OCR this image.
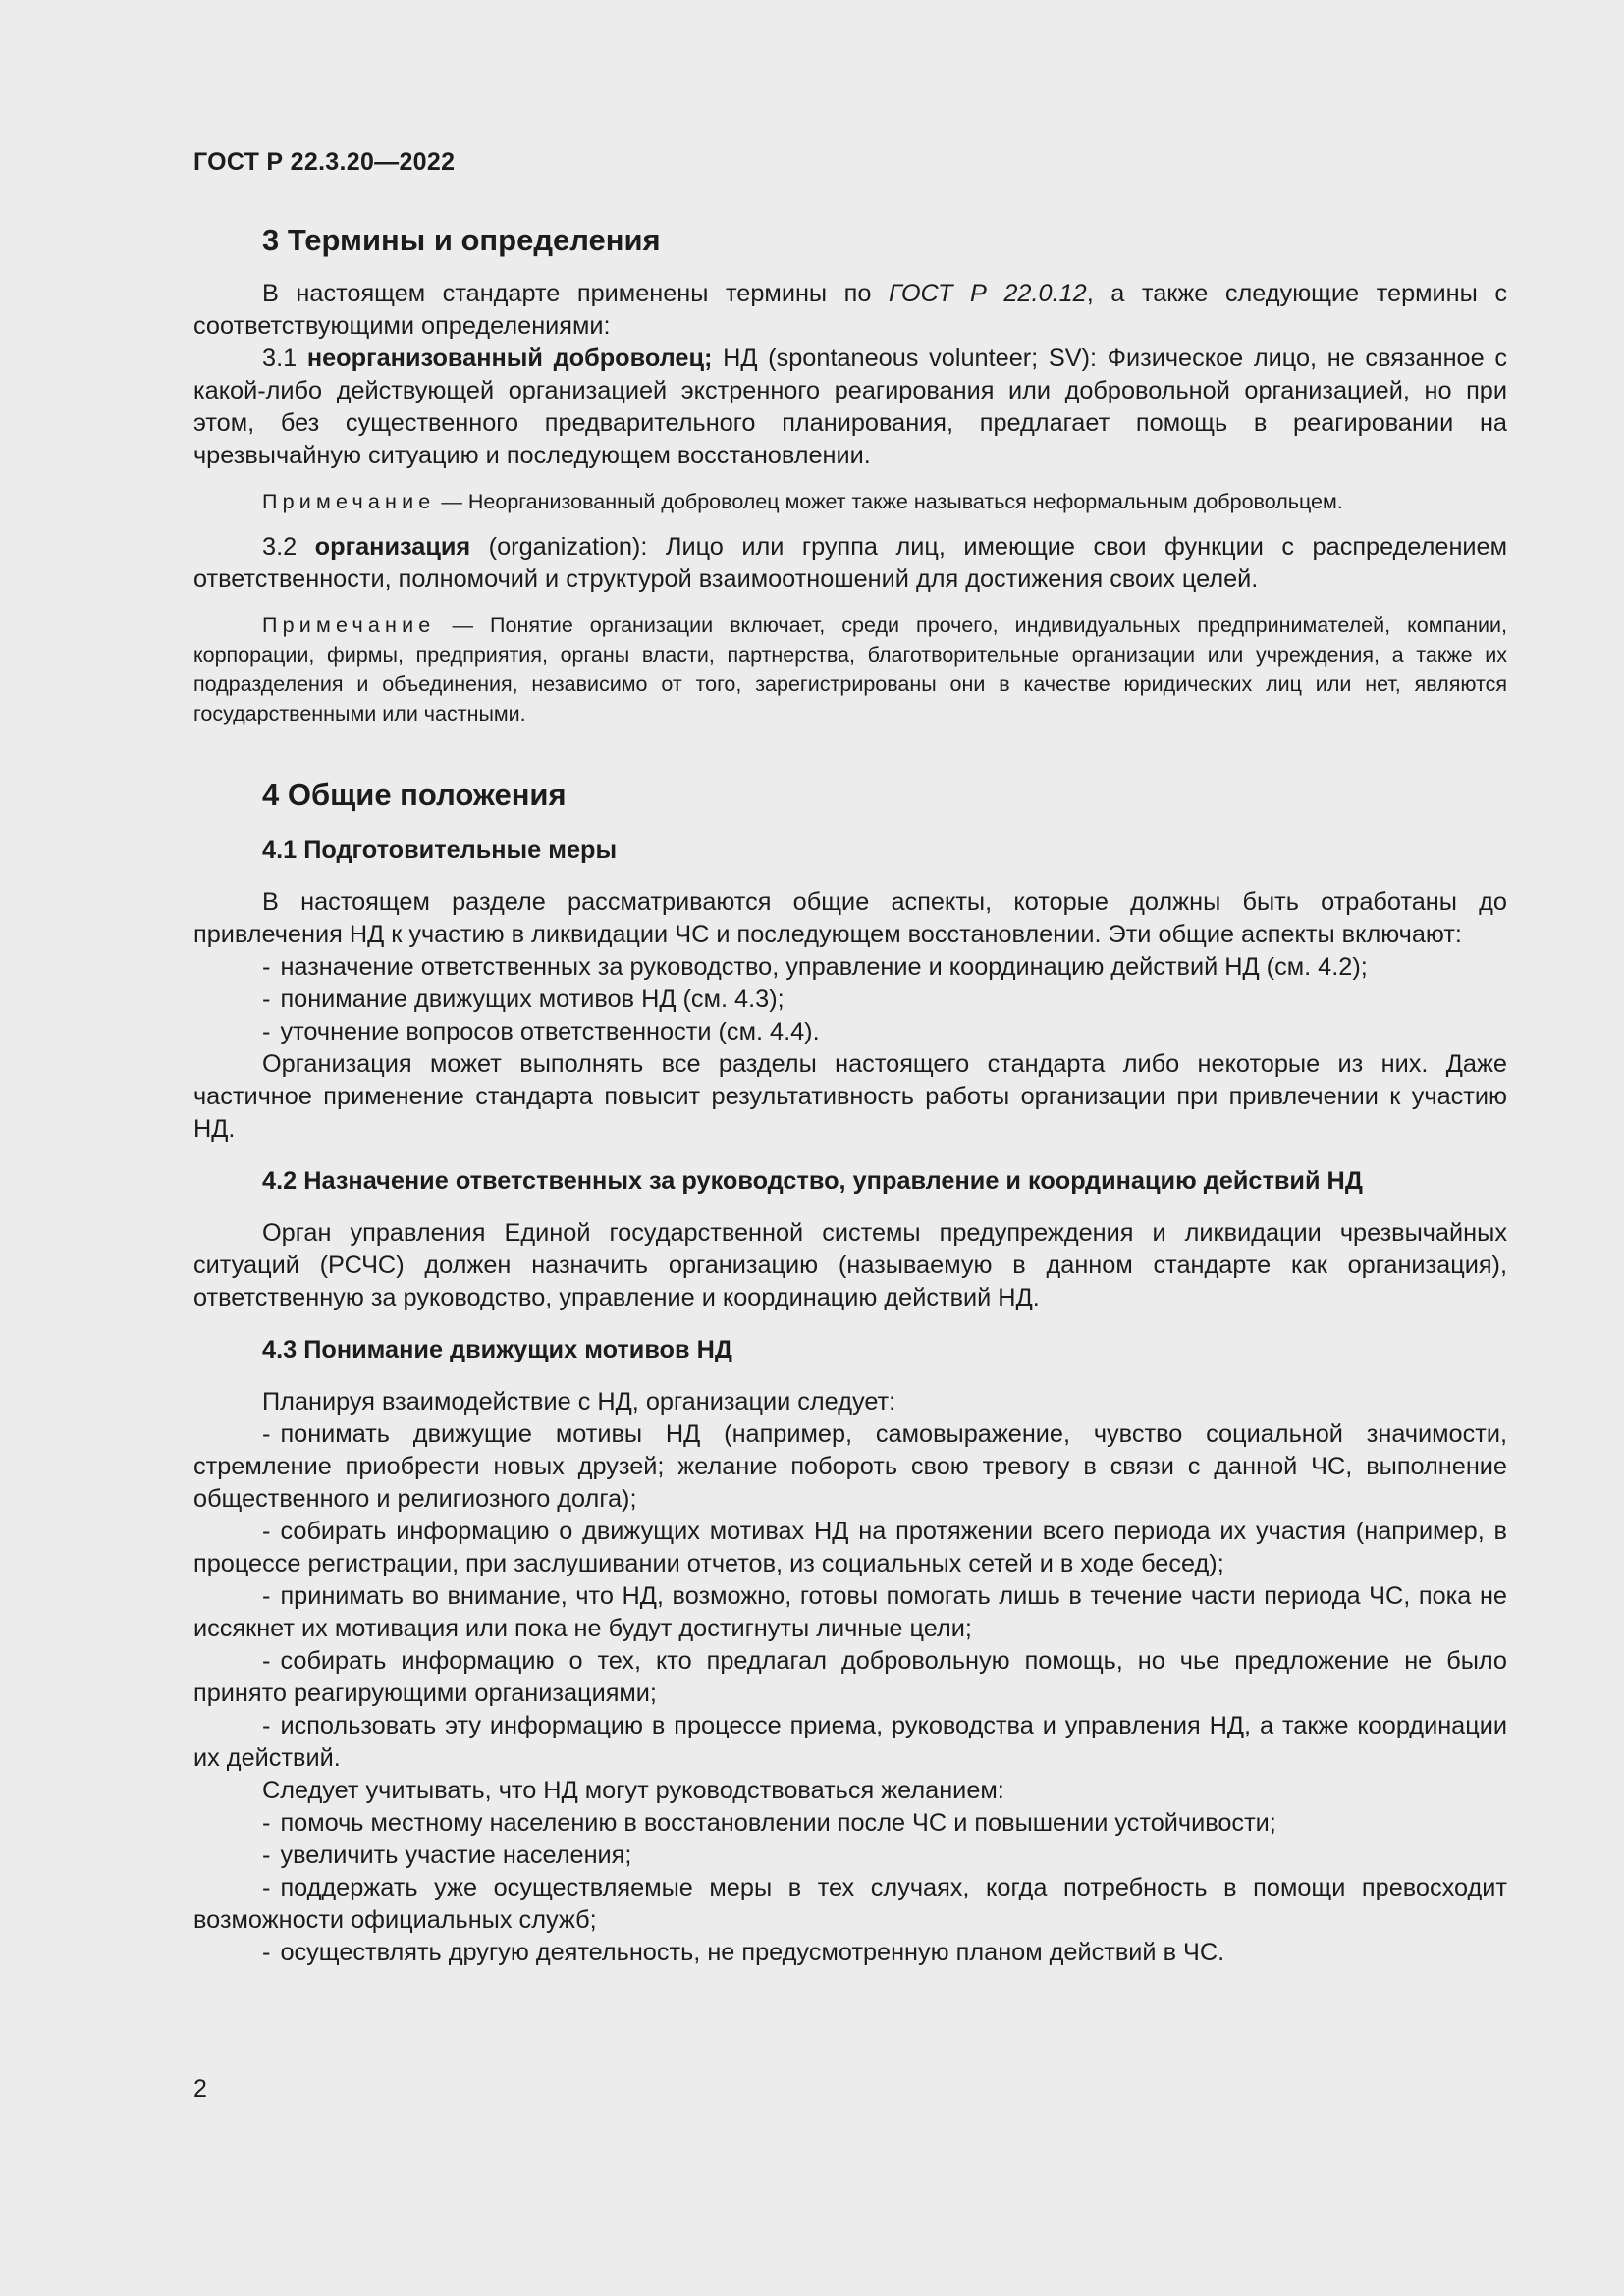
ГОСТ Р 22.3.20—2022
3 Термины и определения

В настоящем стандарте применены термины по ГОСТ Р 22.0.12, а также следующие термины с соответствующими определениями:

3.1 неорганизованный доброволец; НД (spontaneous volunteer; SV): Физическое лицо, не связанное с какой-либо действующей организацией экстренного реагирования или добровольной организацией, но при этом, без существенного предварительного планирования, предлагает помощь в реагировании на чрезвычайную ситуацию и последующем восстановлении.

Примечание — Неорганизованный доброволец может также называться неформальным добровольцем.

3.2 организация (organization): Лицо или группа лиц, имеющие свои функции с распределением ответственности, полномочий и структурой взаимоотношений для достижения своих целей.

Примечание — Понятие организации включает, среди прочего, индивидуальных предпринимателей, компании, корпорации, фирмы, предприятия, органы власти, партнерства, благотворительные организации или учреждения, а также их подразделения и объединения, независимо от того, зарегистрированы они в качестве юридических лиц или нет, являются государственными или частными.

4 Общие положения
4.1 Подготовительные меры

В настоящем разделе рассматриваются общие аспекты, которые должны быть отработаны до привлечения НД к участию в ликвидации ЧС и последующем восстановлении. Эти общие аспекты включают:

- назначение ответственных за руководство, управление и координацию действий НД (см. 4.2);

- понимание движущих мотивов НД (см. 4.3);

- уточнение вопросов ответственности (см. 4.4).

Организация может выполнять все разделы настоящего стандарта либо некоторые из них. Даже частичное применение стандарта повысит результативность работы организации при привлечении к участию НД.

4.2 Назначение ответственных за руководство, управление и координацию действий НД

Орган управления Единой государственной системы предупреждения и ликвидации чрезвычайных ситуаций (РСЧС) должен назначить организацию (называемую в данном стандарте как организация), ответственную за руководство, управление и координацию действий НД.

4.3 Понимание движущих мотивов НД

Планируя взаимодействие с НД, организации следует:

- понимать движущие мотивы НД (например, самовыражение, чувство социальной значимости, стремление приобрести новых друзей; желание побороть свою тревогу в связи с данной ЧС, выполнение общественного и религиозного долга);

- собирать информацию о движущих мотивах НД на протяжении всего периода их участия (например, в процессе регистрации, при заслушивании отчетов, из социальных сетей и в ходе бесед);

- принимать во внимание, что НД, возможно, готовы помогать лишь в течение части периода ЧС, пока не иссякнет их мотивация или пока не будут достигнуты личные цели;

- собирать информацию о тех, кто предлагал добровольную помощь, но чье предложение не было принято реагирующими организациями;

- использовать эту информацию в процессе приема, руководства и управления НД, а также координации их действий.

Следует учитывать, что НД могут руководствоваться желанием:

- помочь местному населению в восстановлении после ЧС и повышении устойчивости;

- увеличить участие населения;

- поддержать уже осуществляемые меры в тех случаях, когда потребность в помощи превосходит возможности официальных служб;

- осуществлять другую деятельность, не предусмотренную планом действий в ЧС.

2
